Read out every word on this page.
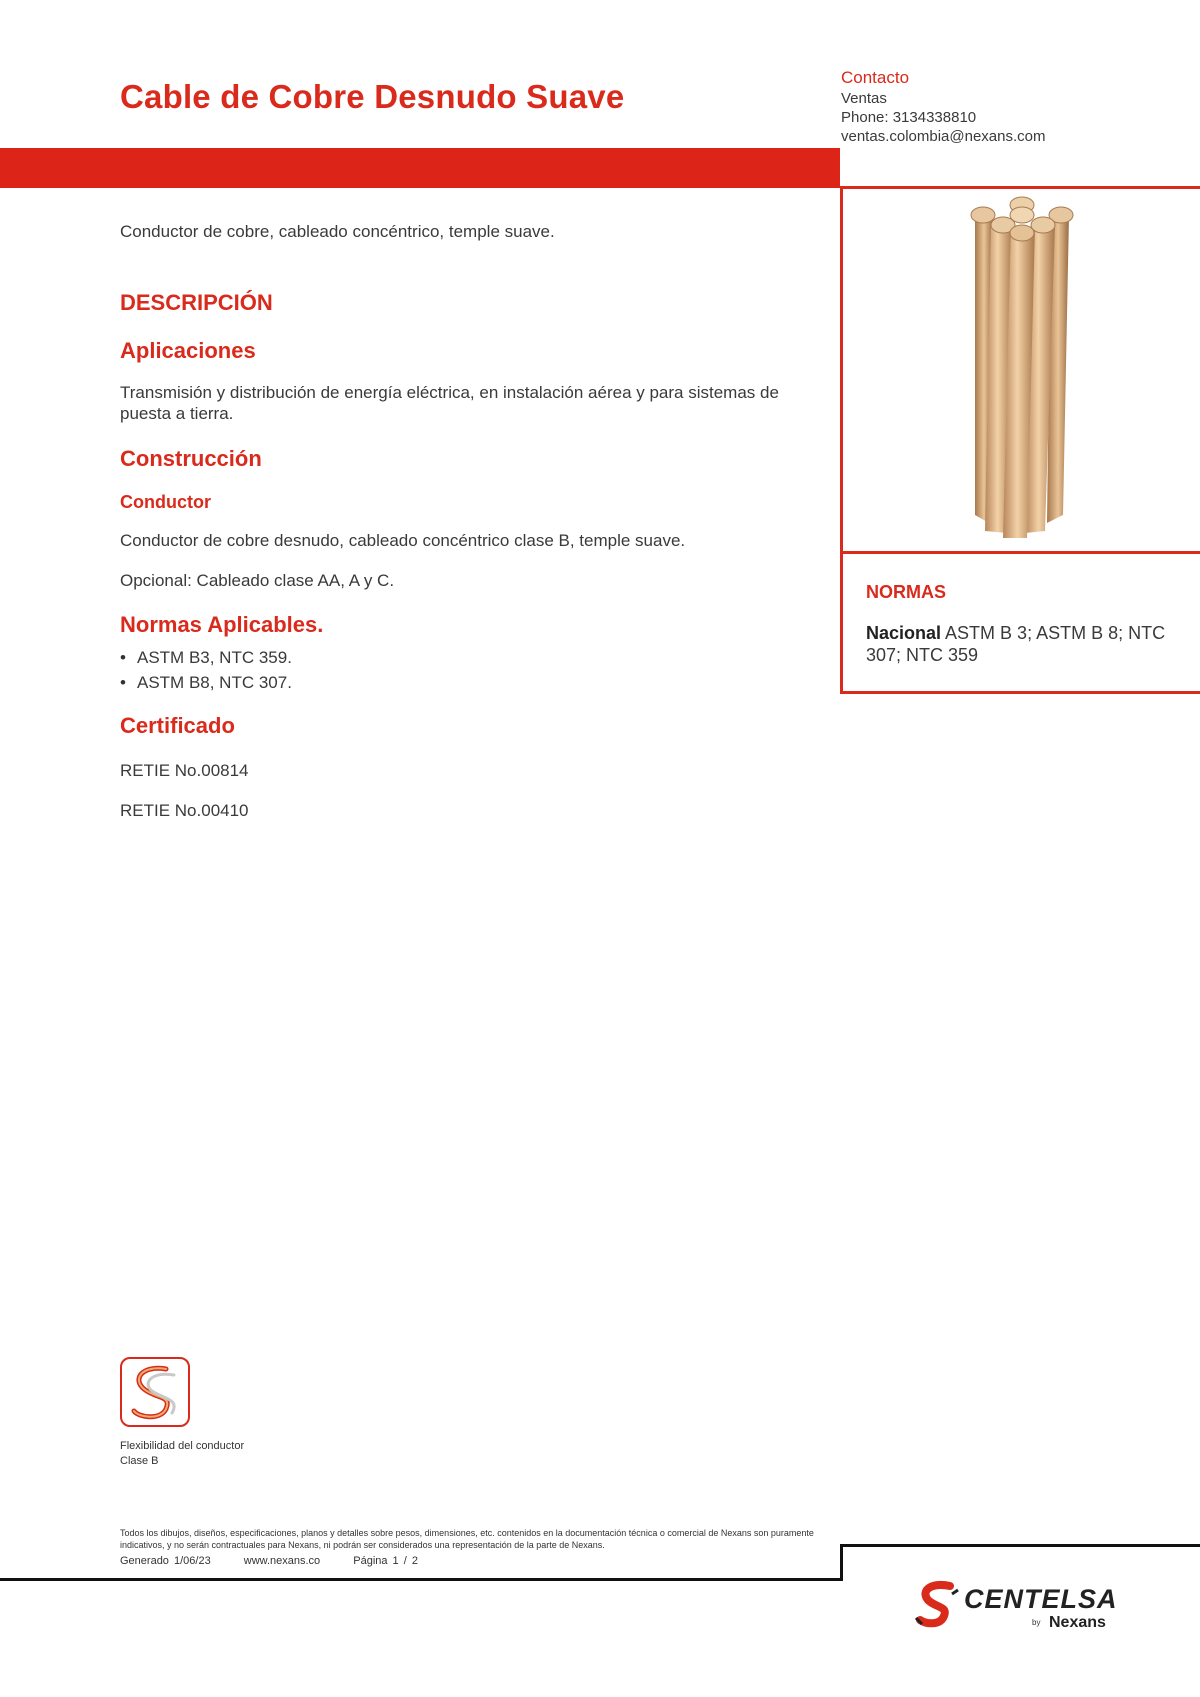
Cable de Cobre Desnudo Suave
Contacto
Ventas
Phone: 3134338810
ventas.colombia@nexans.com
NORMAS
Nacional ASTM B 3; ASTM B 8; NTC 307; NTC 359
Conductor de cobre, cableado concéntrico, temple suave.
DESCRIPCIÓN
Aplicaciones
Transmisión y distribución de energía eléctrica, en instalación aérea y para sistemas de puesta a tierra.
Construcción
Conductor
Conductor de cobre desnudo, cableado concéntrico clase B, temple suave.
Opcional: Cableado clase AA, A y C.
Normas Aplicables.
• ASTM B3, NTC 359.
• ASTM B8, NTC 307.
Certificado
RETIE No.00814
RETIE No.00410
Flexibilidad del conductor
Clase B
Todos los dibujos, diseños, especificaciones, planos y detalles sobre pesos, dimensiones, etc. contenidos en la documentación técnica o comercial de Nexans son puramente indicativos, y no serán contractuales para Nexans, ni podrán ser considerados una representación de la parte de Nexans.
Generado 1/06/23	www.nexans.co	Página 1 / 2
CENTELSA
by Nexans
